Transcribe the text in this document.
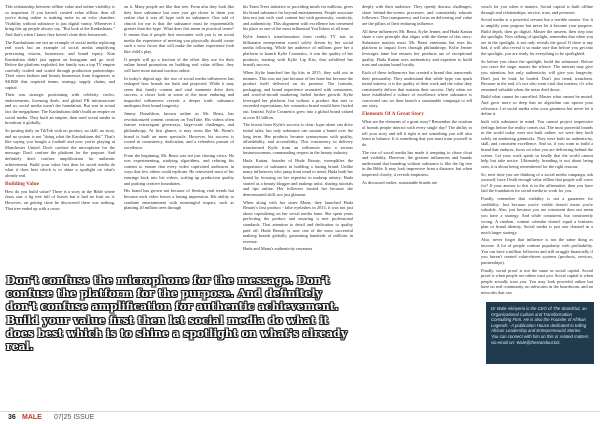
This relationship between offline value and online visibility is so important. If you haven't created value offline, then all you're doing online is making noise in an echo chamber. Visibility without substance is just digital vanity. Whenever I bring this up people always say, "But look at the Kardashians." And that's when I know they haven't done their homework.

The Kardashians are not an example of social media replacing real work but an example of social media amplifying preexisting visions, businesses, and brand equity. Kim Kardashian didn't just appear on Instagram and go viral. Before the platform exploded, her family was a top TV empire carefully crafted and scaled through production partnerships. Their sister fashion and beauty businesses from fragrances to SKIMS that required teams, strategy, supply chains, and capital.

Their was strategic positioning with celebrity circles, endorsements, licensing deals, and global PR infrastructure and so, social media wasn't the foundation. But was in actual fact the megaphone. The Kardashians didn't build an empire on social media. They built an empire, then used social media to broadcast it globally.

So posting daily on TikTok with no product, no skill, no story, and no system is not "doing what the Kardashians did." That's like saying you bought a football and now you're playing at Manchester United. Don't confuse the microphone for the message. Don't confuse the platform for the purpose. And definitely don't confuse amplification for authentic achievement. Build your value first then let social media do what it does best which is to shine a spotlight on what's already real.

Building Value

How do you build value? There is a story in the Bible where Jesus saw a fig tree full of leaves but it had no fruit on it. However, on getting close he discovered there was nothing. That tree ended up with a curse

on it. Many people are like that tree. From afar they look like they have substance but once you get closer to them you realise that it was all hype with no substance. One told of church for me is that the substance must be exponentially greater than the hype. What does this mean in practical terms? It means that if people first encounter with you is on social media the experience of meeting you physically should create such a wow factor that will make the online experience look like child's play.

If people will go a fraction of the effort they use for their online brand promotion on building real value offline, they will have more natural traction online.

In today's digital age, the rise of social media influencers has reshaped how brands are built and projected. While it may seem that family content and viral moments drive their success, a closer look at some of the most enduring and impactful influencers reveals a deeper truth: substance underpins their brand longevity.

Jimmy Donaldson, known online as Mr. Beast, has revolutionized content creation on YouTube. His videos often feature extravagant giveaways, large-scale challenges, and philanthropy. At first glance, it may seem like Mr. Beast's brand is built on mere spectacle. However, his success is rooted in consistency, dedication, and a relentless pursuit of excellence.

From the beginning, Mr. Beast was not just chasing views. He was experimenting, studying algorithms, and refining his content to ensure that every video captivated audiences in ways that few others could replicate. He reinvested most of his earnings back into his videos, scaling up production quality and pushing creative boundaries.

His brand has grown not because of fleeting viral trends but because each video leaves a lasting impression. His ability to combine entertainment with meaningful impact, such as planting 20 million trees through

his Team Trees initiative or providing meals for millions, gives his brand substance far beyond entertainment. People associate him not just with viral content but with generosity, creativity, and authenticity. This alignment with excellence has cemented his place as one of the most influential YouTubers of all time.

Kylie Jenner's transformation from reality TV star to billionaire entrepreneur wasn't solely driven by her social media following. While her audience of millions gave her a platform to launch Kylie Cosmetics, it was the quality of her products, starting with Kylie Lip Kits, that solidified her brand's success.

When Kylie launched her lip kits in 2015, they sold out in minutes. This was not just because of her fame but because the product itself delivered on its promise. The formula, packaging, and brand experience resonated with consumers, and word-of-mouth marketing fueled further growth. Kylie leveraged her platform, but without a product that met or exceeded expectations, her cosmetics brand would have fizzled out. Instead, Kylie Cosmetics grew into a global brand valued at over $1 billion.

The lesson from Kylie's success is clear: hype alone can drive initial sales, but only substance can sustain a brand over the long term. Her products became synonymous with quality, affordability, and accessibility. This consistency in delivery transformed Kylie from an influencer into a serious businesswoman, commanding respect in the beauty industry.

Huda Kattan, founder of Huda Beauty, exemplifies the importance of substance in building a lasting brand. Unlike many influencers who jump from trend to trend, Huda built her brand by focusing on her expertise in makeup artistry. Huda started as a beauty blogger and makeup artist, sharing tutorials and tips online. Her followers trusted her because she demonstrated skill, not just glamour.

When along with her sister Mona, they launched Huda Beauty's first product - false eyelashes in 2013, it was not just about capitalizing on her social media fame. She spent years perfecting the product and ensuring it met professional standards. That attention to detail and dedication to quality paid off. Huda Beauty is now one of the most successful makeup brands globally, generating hundreds of millions in revenue.

Huda and Mona's authenticity resonates

deeply with their audience. They openly discuss challenges, share behind-the-scenes processes, and consistently educate followers. This transparency and focus on delivering real value are the pillars of their enduring influence.

All these influencers Mr. Beast, Kylie Jenner, and Huda Kattan share a core principle that aligns with the theme of this story: Substance matters most. Mr. Beast entertains but uses his platform to impact lives through philanthropy. Kylie Jenner leverages fame but ensures her products are of exceptional quality. Huda Kattan uses authenticity and expertise to build trust and sustain brand loyalty.

Each of these influencers has created a brand that transcends their personality. They understand that while hype can spark initial interest, it is the quality of their work and the value they consistently deliver that sustains their success. Only when we have established a culture of excellence where substance is concerned can we then launch a sustainable campaign to tell our story.

Elements Of A Great Story

What are the elements of a great story? Remember the wisdom of brands people interact with every single day? The ability to tell your story and tell it right is not something you will also learn to balance. It is something that you must train yourself to do.

The rise of social media has made it tempting to chase clout and visibility. However, the greatest influencers and brands understand that branding without substance is like the fig tree in the Bible. It may look impressive from a distance, but when inspected closely, it reveals emptiness.

As discussed earlier, sustainable brands are

vouch for you when it matters. Social capital is built offline through real relationships, service, trust, and presence.

Social media is a powerful servant but a terrible master. Use it to amplify your purpose but never let it become your purpose. Build depth, then go digital. Master the unseen, then step into the spotlight. Now talking of spotlight, remember that when you are in the spotlight, it not only reveals the good. If there is any bad, it will also reveal it so make sure that before you get into the spotlight, you are ready for everything to be spotlighted.

So before you chase the spotlight, build the substance. Before you crave the stage, master the silence. The internet may give you attention, but only authenticity will give you longevity. Don't just be loud; be loaded. Don't just trend; transform. Because in the end, it's not who went viral that matters; it's who remained valuable when the noise died down.

Build what cannot be cancelled. Master what cannot be muted. And grow more so deep that no algorithm can uproot your relevance. Let social media echo your greatness but never let it define it.

built with substance in mind. You cannot project impressive feelings before the reality comes out. The most powerful brands in the world today were not built online; we were they built solely on marketing gimmicks. They were built on authenticity, skill, and consistent excellence. And so, if you want to build a brand that endures, focus on what you are delivering behind the scenes. Let your work speak so loudly that the world cannot help but take notice. Ultimately, branding is not about being seen, it is about being remembered for the right reasons.

So, next time you are thinking of a social media campaign, ask yourself, have I built enough value offline that people will crave for? If your answer to this is in the affirmative, then you have laid the foundation for social media to work for you.

Finally, remember that visibility is not a guarantee for credibility. Just because you're visible doesn't mean you're valuable. Also, just because you are consistent does not mean you have a strategy. And while consistent, but consistently wrong. A random, content calendar doesn't equal a business plan or brand identity. Social media is just one channel in a much larger strategy.

Also, never forget that influence is not the same thing as income. A lot of people confuse popularity with profitability. You can have a million followers and still struggle financially if you haven't created value-driven systems (products, services, partnerships).

Finally, social proof is not the same as social capital. Social proof is when people see others trust you. Social capital is when people actually trust you. You may look powerful online but have no real community, no advocates in the boardroom, and no networks that can

Don't confuse the microphone for the message. Don't confuse the platform for the purpose. And definitely don't confuse amplification for authentic achievement. Build your value first then let social media do what it does best which is to shine a spotlight on what's already real.
Dr Wale Akinyemi is the CEO of The StandOut, an Organizational Culture and Transformation Consulting Firm. He is also the Founder of Afrikan Legends - A publication House dedicated to telling African Leadership and Entrepreneurial Stories. You can connect with him on this or related matters via email on: Wale@thestandout.biz.
36 MALE 07|25 ISSUE
